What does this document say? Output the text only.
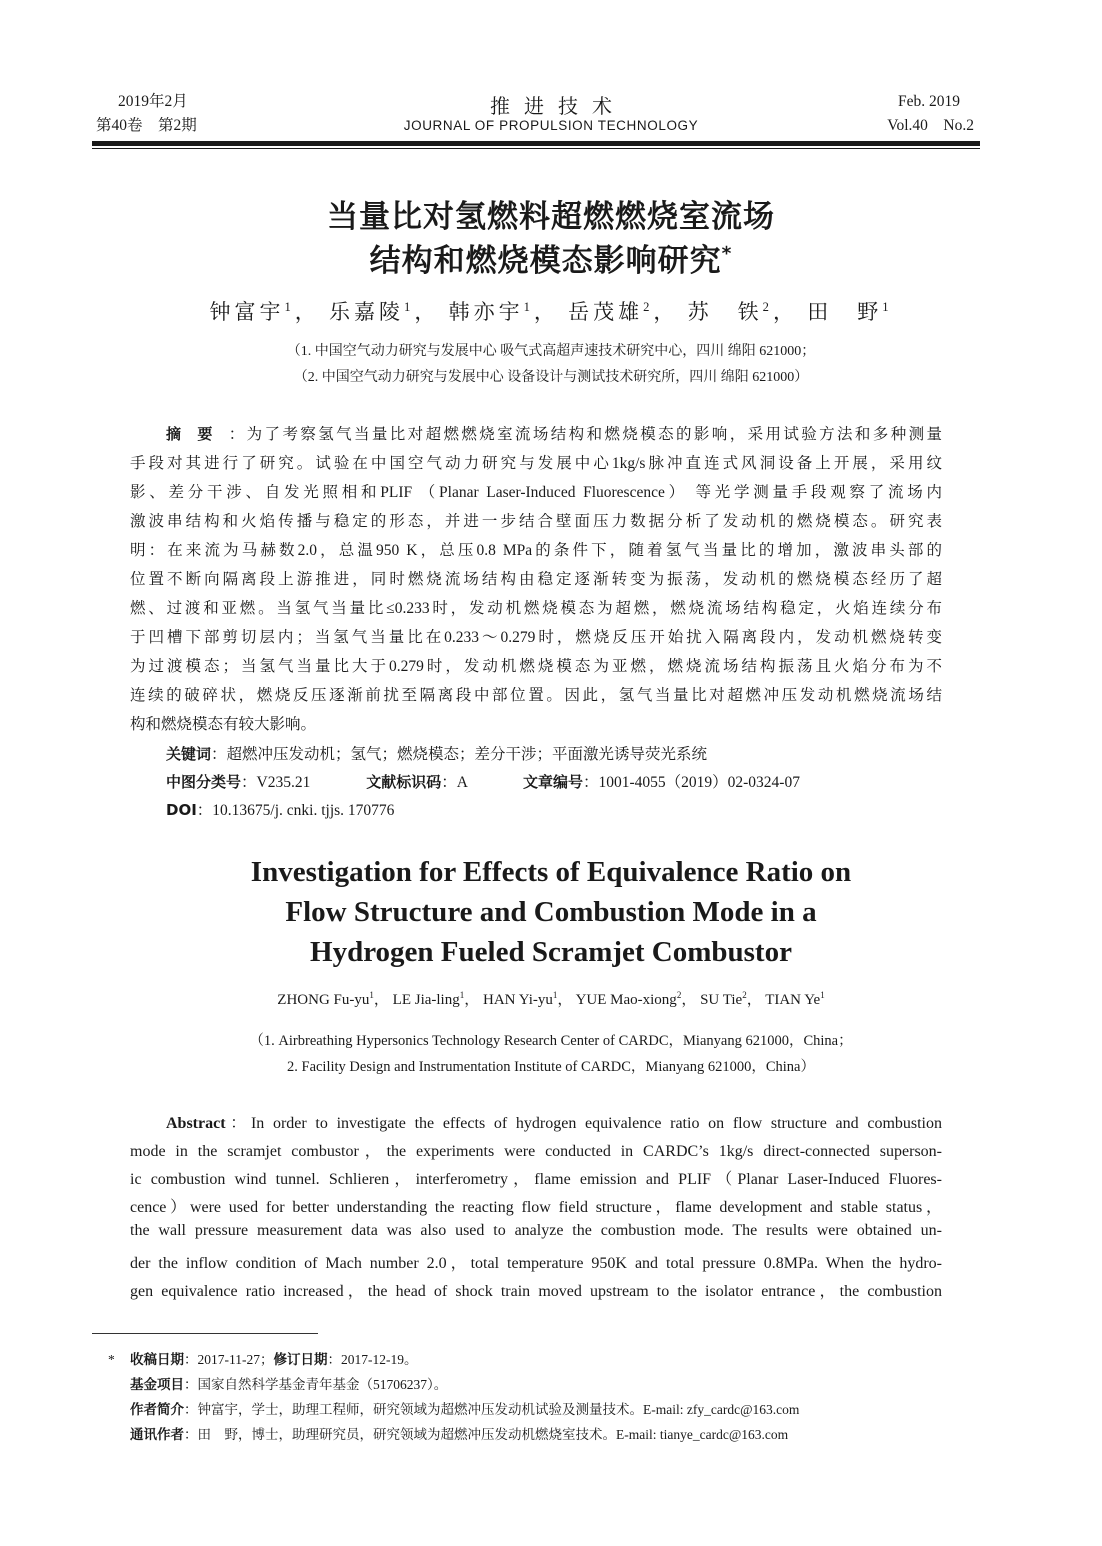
2019年2月
第40卷　第2期
推进技术
JOURNAL OF PROPULSION TECHNOLOGY
Feb. 2019
Vol.40　No.2
当量比对氢燃料超燃燃烧室流场
结构和燃烧模态影响研究*
钟富宇$^1$， 乐嘉陵$^1$， 韩亦宇$^1$， 岳茂雄$^2$， 苏　铁$^2$， 田　野$^1$
（1. 中国空气动力研究与发展中心 吸气式高超声速技术研究中心，四川 绵阳 621000；
（2. 中国空气动力研究与发展中心 设备设计与测试技术研究所，四川 绵阳 621000）
摘要：为了考察氢气当量比对超燃燃烧室流场结构和燃烧模态的影响，采用试验方法和多种测量
手段对其进行了研究。试验在中国空气动力研究与发展中心1kg/s脉冲直连式风洞设备上开展，采用纹
影、差分干涉、自发光照相和PLIF （Planar Laser-Induced Fluorescence） 等光学测量手段观察了流场内
激波串结构和火焰传播与稳定的形态，并进一步结合壁面压力数据分析了发动机的燃烧模态。研究表
明：在来流为马赫数2.0，总温950 K，总压0.8 MPa的条件下，随着氢气当量比的增加，激波串头部的
位置不断向隔离段上游推进，同时燃烧流场结构由稳定逐渐转变为振荡，发动机的燃烧模态经历了超
燃、过渡和亚燃。当氢气当量比≤0.233时，发动机燃烧模态为超燃，燃烧流场结构稳定，火焰连续分布
于凹槽下部剪切层内；当氢气当量比在0.233～0.279时，燃烧反压开始扰入隔离段内，发动机燃烧转变
为过渡模态；当氢气当量比大于0.279时，发动机燃烧模态为亚燃，燃烧流场结构振荡且火焰分布为不
连续的破碎状，燃烧反压逐渐前扰至隔离段中部位置。因此，氢气当量比对超燃冲压发动机燃烧流场结
构和燃烧模态有较大影响。
关键词：超燃冲压发动机；氢气；燃烧模态；差分干涉；平面激光诱导荧光系统
中图分类号：V235.21	文献标识码：A	文章编号：1001-4055（2019）02-0324-07
DOI：10.13675/j. cnki. tjjs. 170776
Investigation for Effects of Equivalence Ratio on
Flow Structure and Combustion Mode in a
Hydrogen Fueled Scramjet Combustor
ZHONG $Fu-yu^1$， LE Jia-ling$^1$， HAN $Yi-yu^1$， YUE Mao-xiong$^2$， SU Tie$^2$， TIAN Ye$^1$
（1. Airbreathing Hypersonics Technology Research Center of CARDC，Mianyang 621000，China；
2. Facility Design and Instrumentation Institute of CARDC，Mianyang 621000，China）
Abstract：In order to investigate the effects of hydrogen equivalence ratio on flow structure and combustion
mode in the scramjet combustor，the experiments were conducted in CARDC’s 1kg/s direct-connected superson-
ic combustion wind tunnel. Schlieren，interferometry，flame emission and PLIF（Planar Laser-Induced Fluores-
cence）were used for better understanding the reacting flow field structure，flame development and stable status，
the wall pressure measurement data was also used to analyze the combustion mode. The results were obtained un-
der the inflow condition of Mach number 2.0，total temperature 950K and total pressure 0.8MPa. When the hydro-
gen equivalence ratio increased，the head of shock train moved upstream to the isolator entrance，the combustion
* 收稿日期：2017-11-27；修订日期：2017-12-19。
基金项目：国家自然科学基金青年基金（51706237）。
作者简介：钟富宇，学士，助理工程师，研究领域为超燃冲压发动机试验及测量技术。E-mail: zfy_cardc@163.com
通讯作者：田　野，博士，助理研究员，研究领域为超燃冲压发动机燃烧室技术。E-mail: tianye_cardc@163.com
